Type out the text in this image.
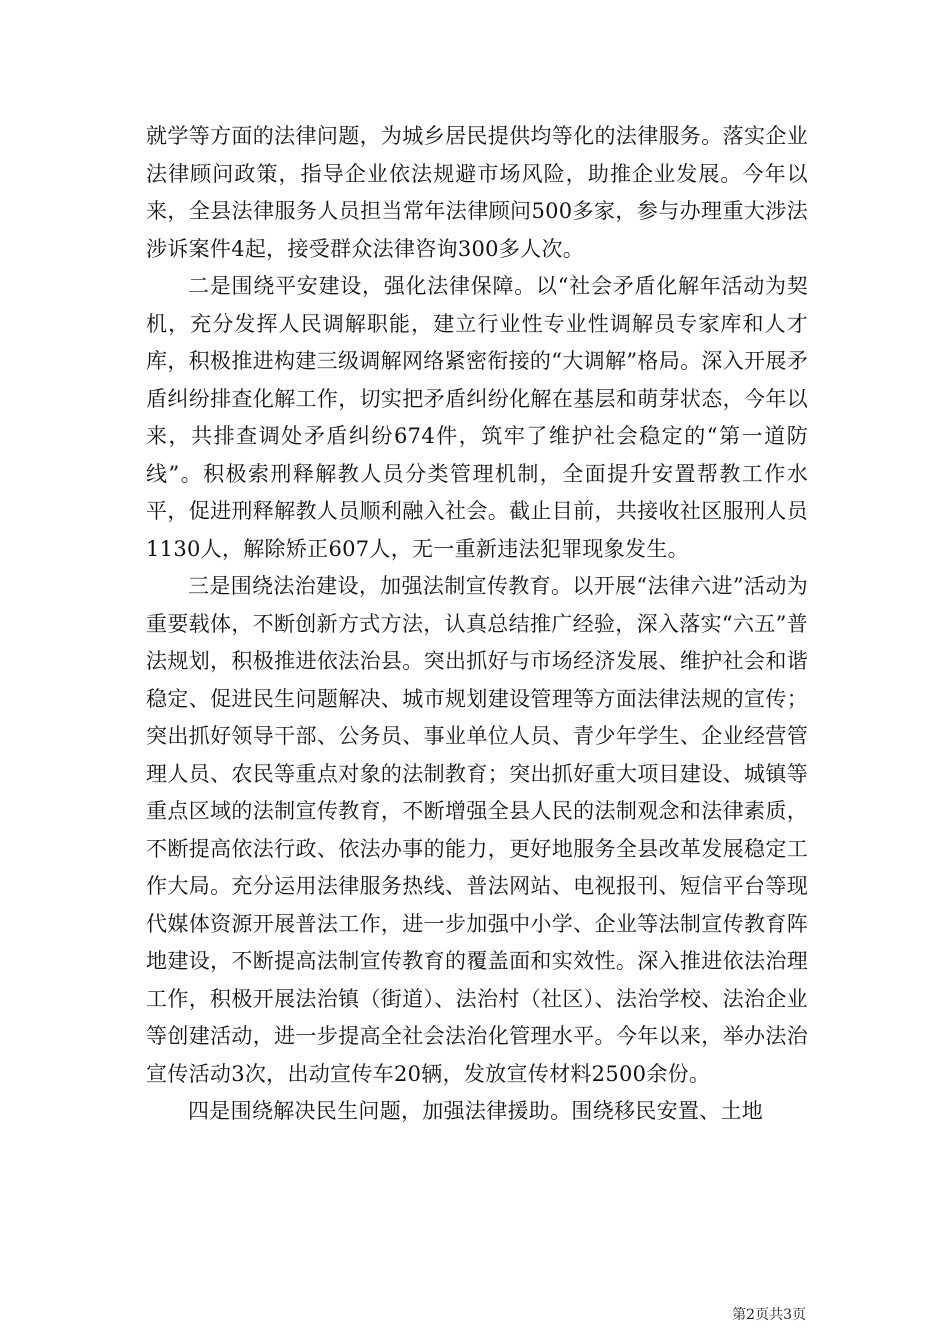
就学等方面的法律问题，为城乡居民提供均等化的法律服务。落实企业法律顾问政策，指导企业依法规避市场风险，助推企业发展。今年以来，全县法律服务人员担当常年法律顾问500多家，参与办理重大涉法涉诉案件4起，接受群众法律咨询300多人次。

二是围绕平安建设，强化法律保障。以“社会矛盾化解年活动为契机，充分发挥人民调解职能，建立行业性专业性调解员专家库和人才库，积极推进构建三级调解网络紧密衔接的“大调解”格局。深入开展矛盾纠纷排查化解工作，切实把矛盾纠纷化解在基层和萌芽状态，今年以来，共排查调处矛盾纠纷674件，筑牢了维护社会稳定的“第一道防线”。积极索刑释解教人员分类管理机制，全面提升安置帮教工作水平，促进刑释解教人员顺利融入社会。截止目前，共接收社区服刑人员1130人，解除矫正607人，无一重新违法犯罪现象发生。

三是围绕法治建设，加强法制宣传教育。以开展“法律六进”活动为重要载体，不断创新方式方法，认真总结推广经验，深入落实“六五”普法规划，积极推进依法治县。突出抓好与市场经济发展、维护社会和谐稳定、促进民生问题解决、城市规划建设管理等方面法律法规的宣传；突出抓好领导干部、公务员、事业单位人员、青少年学生、企业经营管理人员、农民等重点对象的法制教育；突出抓好重大项目建设、城镇等重点区域的法制宣传教育，不断增强全县人民的法制观念和法律素质，不断提高依法行政、依法办事的能力，更好地服务全县改革发展稳定工作大局。充分运用法律服务热线、普法网站、电视报刊、短信平台等现代媒体资源开展普法工作，进一步加强中小学、企业等法制宣传教育阵地建设，不断提高法制宣传教育的覆盖面和实效性。深入推进依法治理工作，积极开展法治镇（街道）、法治村（社区）、法治学校、法治企业等创建活动，进一步提高全社会法治化管理水平。今年以来，举办法治宣传活动3次，出动宣传车20辆，发放宣传材料2500余份。

四是围绕解决民生问题，加强法律援助。围绕移民安置、土地

第2页共3页
